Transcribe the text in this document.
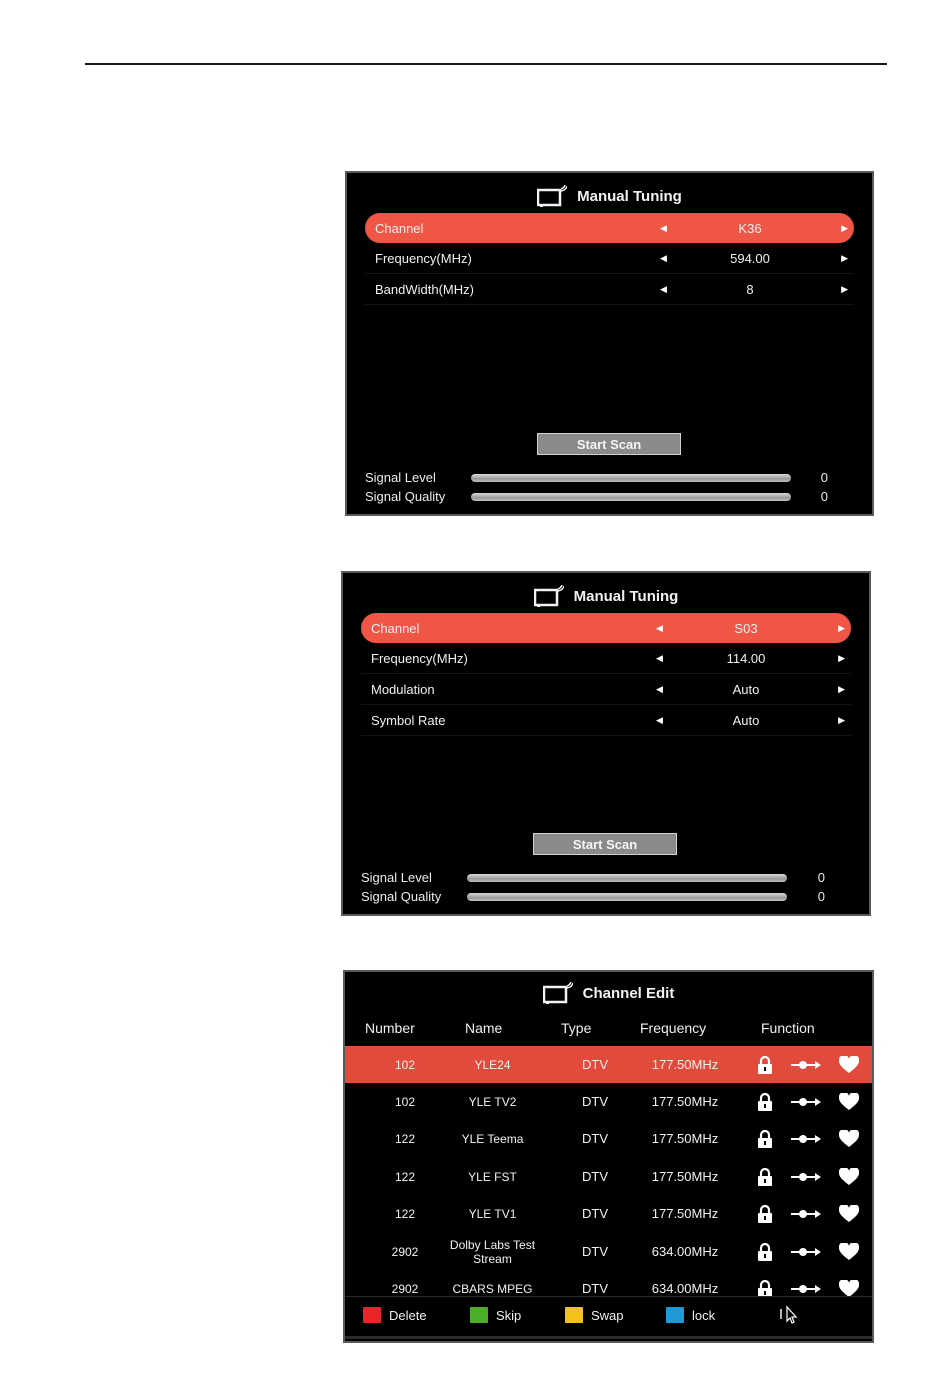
Manual Tuning
Channel	◀	K36	▶
Frequency(MHz)	◀	594.00	▶
BandWidth(MHz)	◀	8	▶
Start Scan
Signal Level	0
Signal Quality	0
Manual Tuning
Channel	◀	S03	▶
Frequency(MHz)	◀	114.00	▶
Modulation	◀	Auto	▶
Symbol Rate	◀	Auto	▶
Start Scan
Signal Level	0
Signal Quality	0
Channel Edit
Number	Name	Type	Frequency	Function
102	YLE24	DTV	177.50MHz
102	YLE TV2	DTV	177.50MHz
122	YLE Teema	DTV	177.50MHz
122	YLE FST	DTV	177.50MHz
122	YLE TV1	DTV	177.50MHz
2902	Dolby Labs Test Stream	DTV	634.00MHz
2902	CBARS MPEG	DTV	634.00MHz
Delete	Skip	Swap	lock
